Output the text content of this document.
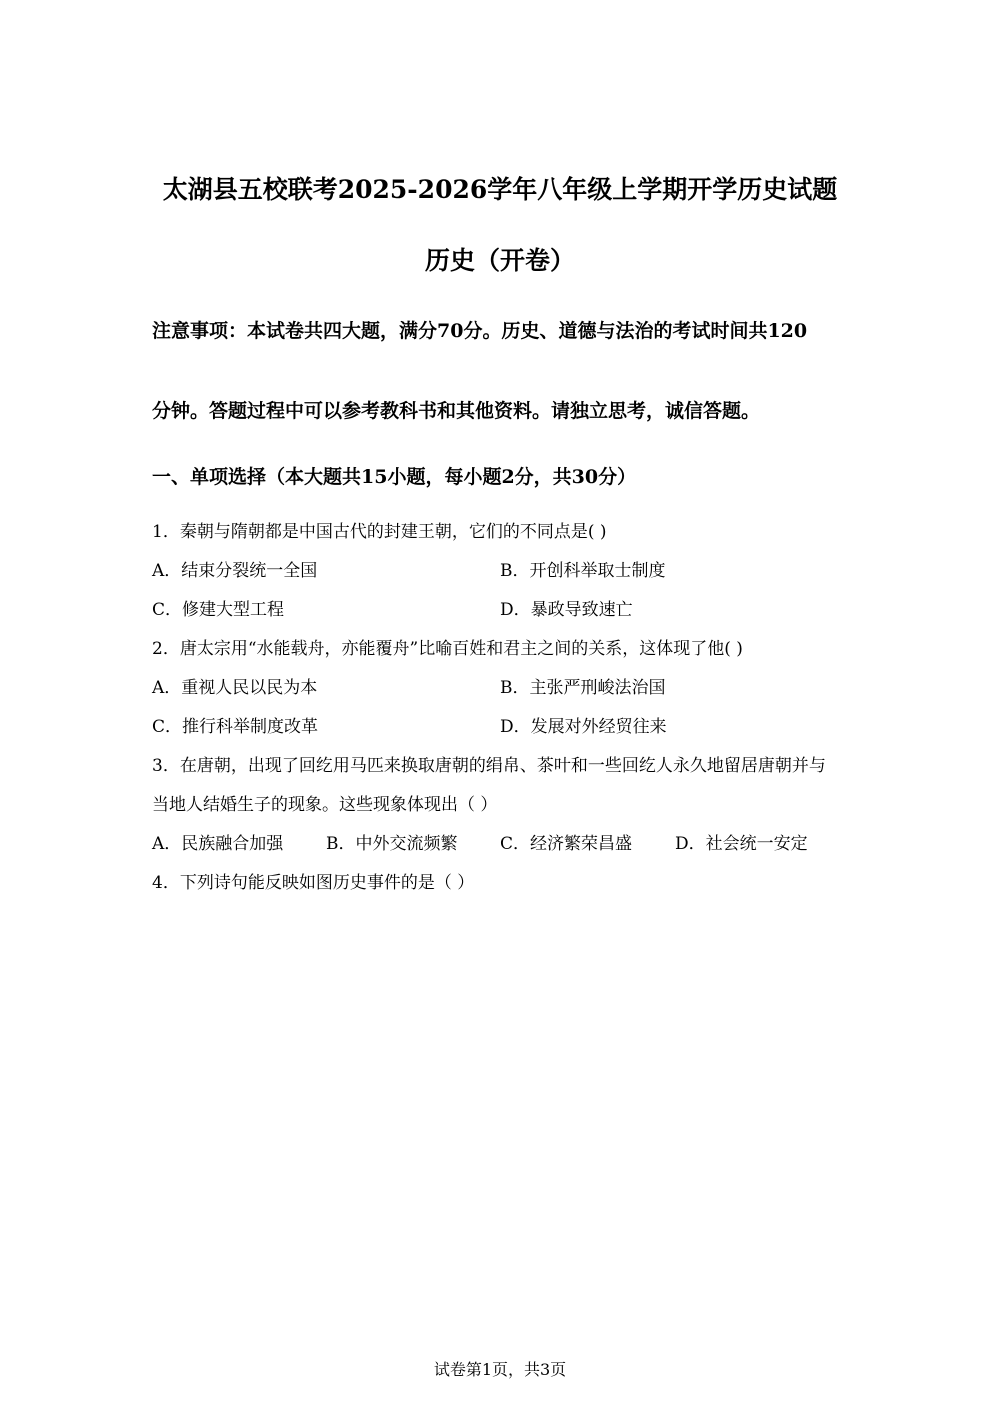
太湖县五校联考2025-2026学年八年级上学期开学历史试题
历史（开卷）
注意事项：本试卷共四大题，满分70分。历史、道德与法治的考试时间共120
分钟。答题过程中可以参考教科书和其他资料。请独立思考，诚信答题。
一、单项选择（本大题共15小题，每小题2分，共30分）
1．秦朝与隋朝都是中国古代的封建王朝，它们的不同点是( )
A．结束分裂统一全国	B．开创科举取士制度
C．修建大型工程	D．暴政导致速亡
2．唐太宗用“水能载舟，亦能覆舟”比喻百姓和君主之间的关系，这体现了他( )
A．重视人民以民为本	B．主张严刑峻法治国
C．推行科举制度改革	D．发展对外经贸往来
3．在唐朝，出现了回纥用马匹来换取唐朝的绢帛、茶叶和一些回纥人永久地留居唐朝并与
当地人结婚生子的现象。这些现象体现出（ ）
A．民族融合加强	B．中外交流频繁	C．经济繁荣昌盛	D．社会统一安定
4．下列诗句能反映如图历史事件的是（ ）
试卷第1页，共3页
